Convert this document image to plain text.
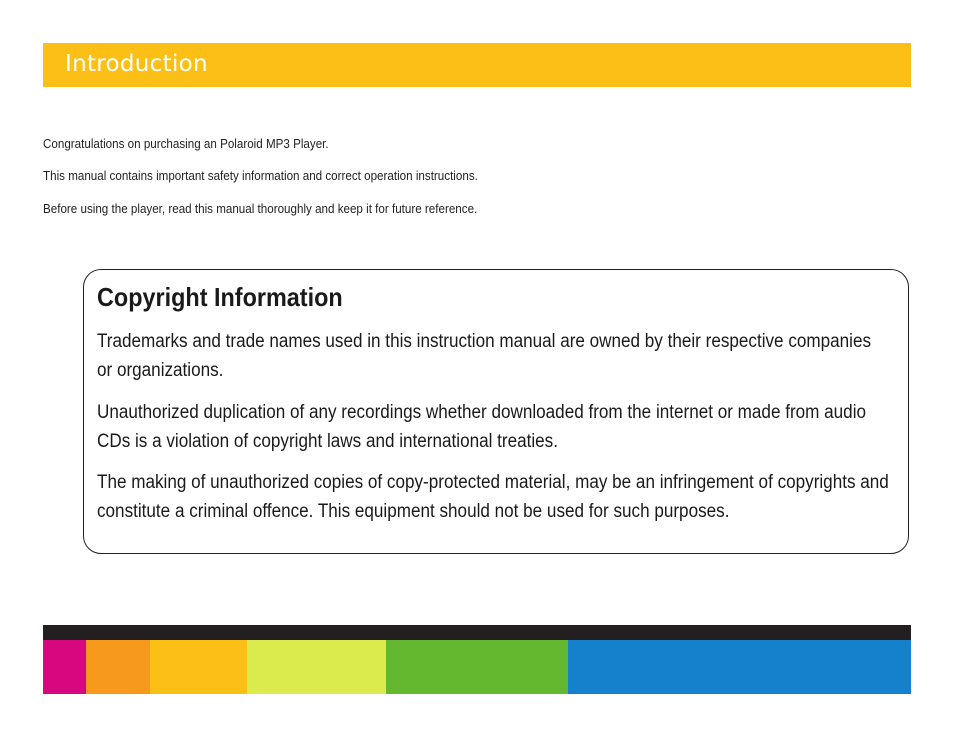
Introduction
Congratulations on purchasing an Polaroid MP3 Player.
This manual contains important safety information and correct operation instructions.
Before using the player, read this manual thoroughly and keep it for future reference.
Copyright Information

Trademarks and trade names used in this instruction manual are owned by their respective companies or organizations.

Unauthorized duplication of any recordings whether downloaded from the internet or made from audio CDs is a violation of copyright laws and international treaties.

The making of unauthorized copies of copy-protected material, may be an infringement of copyrights and constitute a criminal offence. This equipment should not be used for such purposes.
